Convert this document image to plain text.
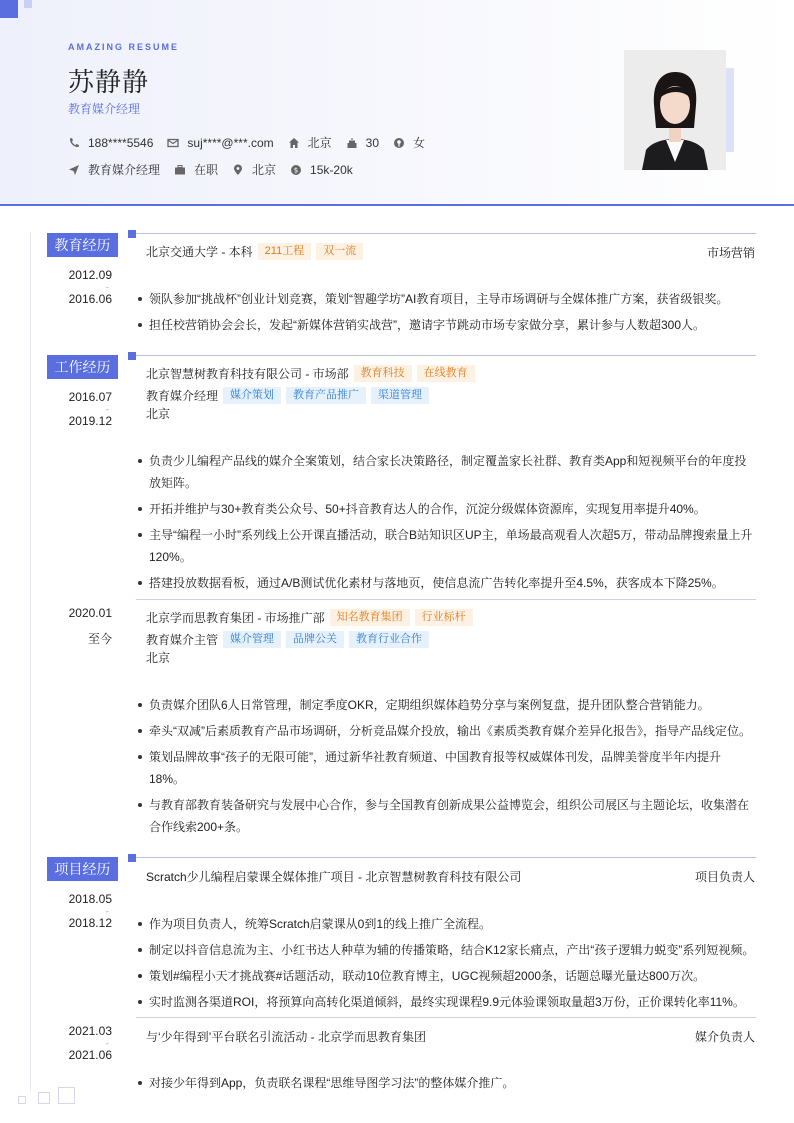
AMAZING RESUME
苏静静
教育媒介经理
188****5546	suj****@***.com	北京	30	女
教育媒介经理	在职	北京	$ 15k-20k
教育经历
2012.09
-
2016.06
北京交通大学 - 本科	211工程	双一流	市场营销
领队参加“挑战杯”创业计划竞赛，策划“智趣学坊”AI教育项目，主导市场调研与全媒体推广方案，获省级银奖。
担任校营销协会会长，发起“新媒体营销实战营”，邀请字节跳动市场专家做分享，累计参与人数超300人。
工作经历
2016.07
-
2019.12
北京智慧树教育科技有限公司 - 市场部	教育科技	在线教育
教育媒介经理	媒介策划	教育产品推广	渠道管理
北京
负责少儿编程产品线的媒介全案策划，结合家长决策路径，制定覆盖家长社群、教育类App和短视频平台的年度投放矩阵。
开拓并维护与30+教育类公众号、50+抖音教育达人的合作，沉淀分级媒体资源库，实现复用率提升40%。
主导“编程一小时”系列线上公开课直播活动，联合B站知识区UP主，单场最高观看人次超5万，带动品牌搜索量上升120%。
搭建投放数据看板，通过A/B测试优化素材与落地页，使信息流广告转化率提升至4.5%，获客成本下降25%。
2020.01
至今
北京学而思教育集团 - 市场推广部	知名教育集团	行业标杆
教育媒介主管	媒介管理	品牌公关	教育行业合作
北京
负责媒介团队6人日常管理，制定季度OKR，定期组织媒体趋势分享与案例复盘，提升团队整合营销能力。
牵头“双减”后素质教育产品市场调研，分析竞品媒介投放，输出《素质类教育媒介差异化报告》，指导产品线定位。
策划品牌故事“孩子的无限可能”，通过新华社教育频道、中国教育报等权威媒体刊发，品牌美誉度半年内提升18%。
与教育部教育装备研究与发展中心合作，参与全国教育创新成果公益博览会，组织公司展区与主题论坛，收集潜在合作线索200+条。
项目经历
2018.05
-
2018.12
Scratch少儿编程启蒙课全媒体推广项目 - 北京智慧树教育科技有限公司	项目负责人
作为项目负责人，统筹Scratch启蒙课从0到1的线上推广全流程。
制定以抖音信息流为主、小红书达人种草为辅的传播策略，结合K12家长痛点，产出“孩子逻辑力蜕变”系列短视频。
策划#编程小天才挑战赛#话题活动，联动10位教育博主，UGC视频超2000条，话题总曝光量达800万次。
实时监测各渠道ROI，将预算向高转化渠道倾斜，最终实现课程9.9元体验课领取量超3万份，正价课转化率11%。
2021.03
-
2021.06
与‘少年得到’平台联名引流活动 - 北京学而思教育集团	媒介负责人
对接少年得到App，负责联名课程“思维导图学习法”的整体媒介推广。
